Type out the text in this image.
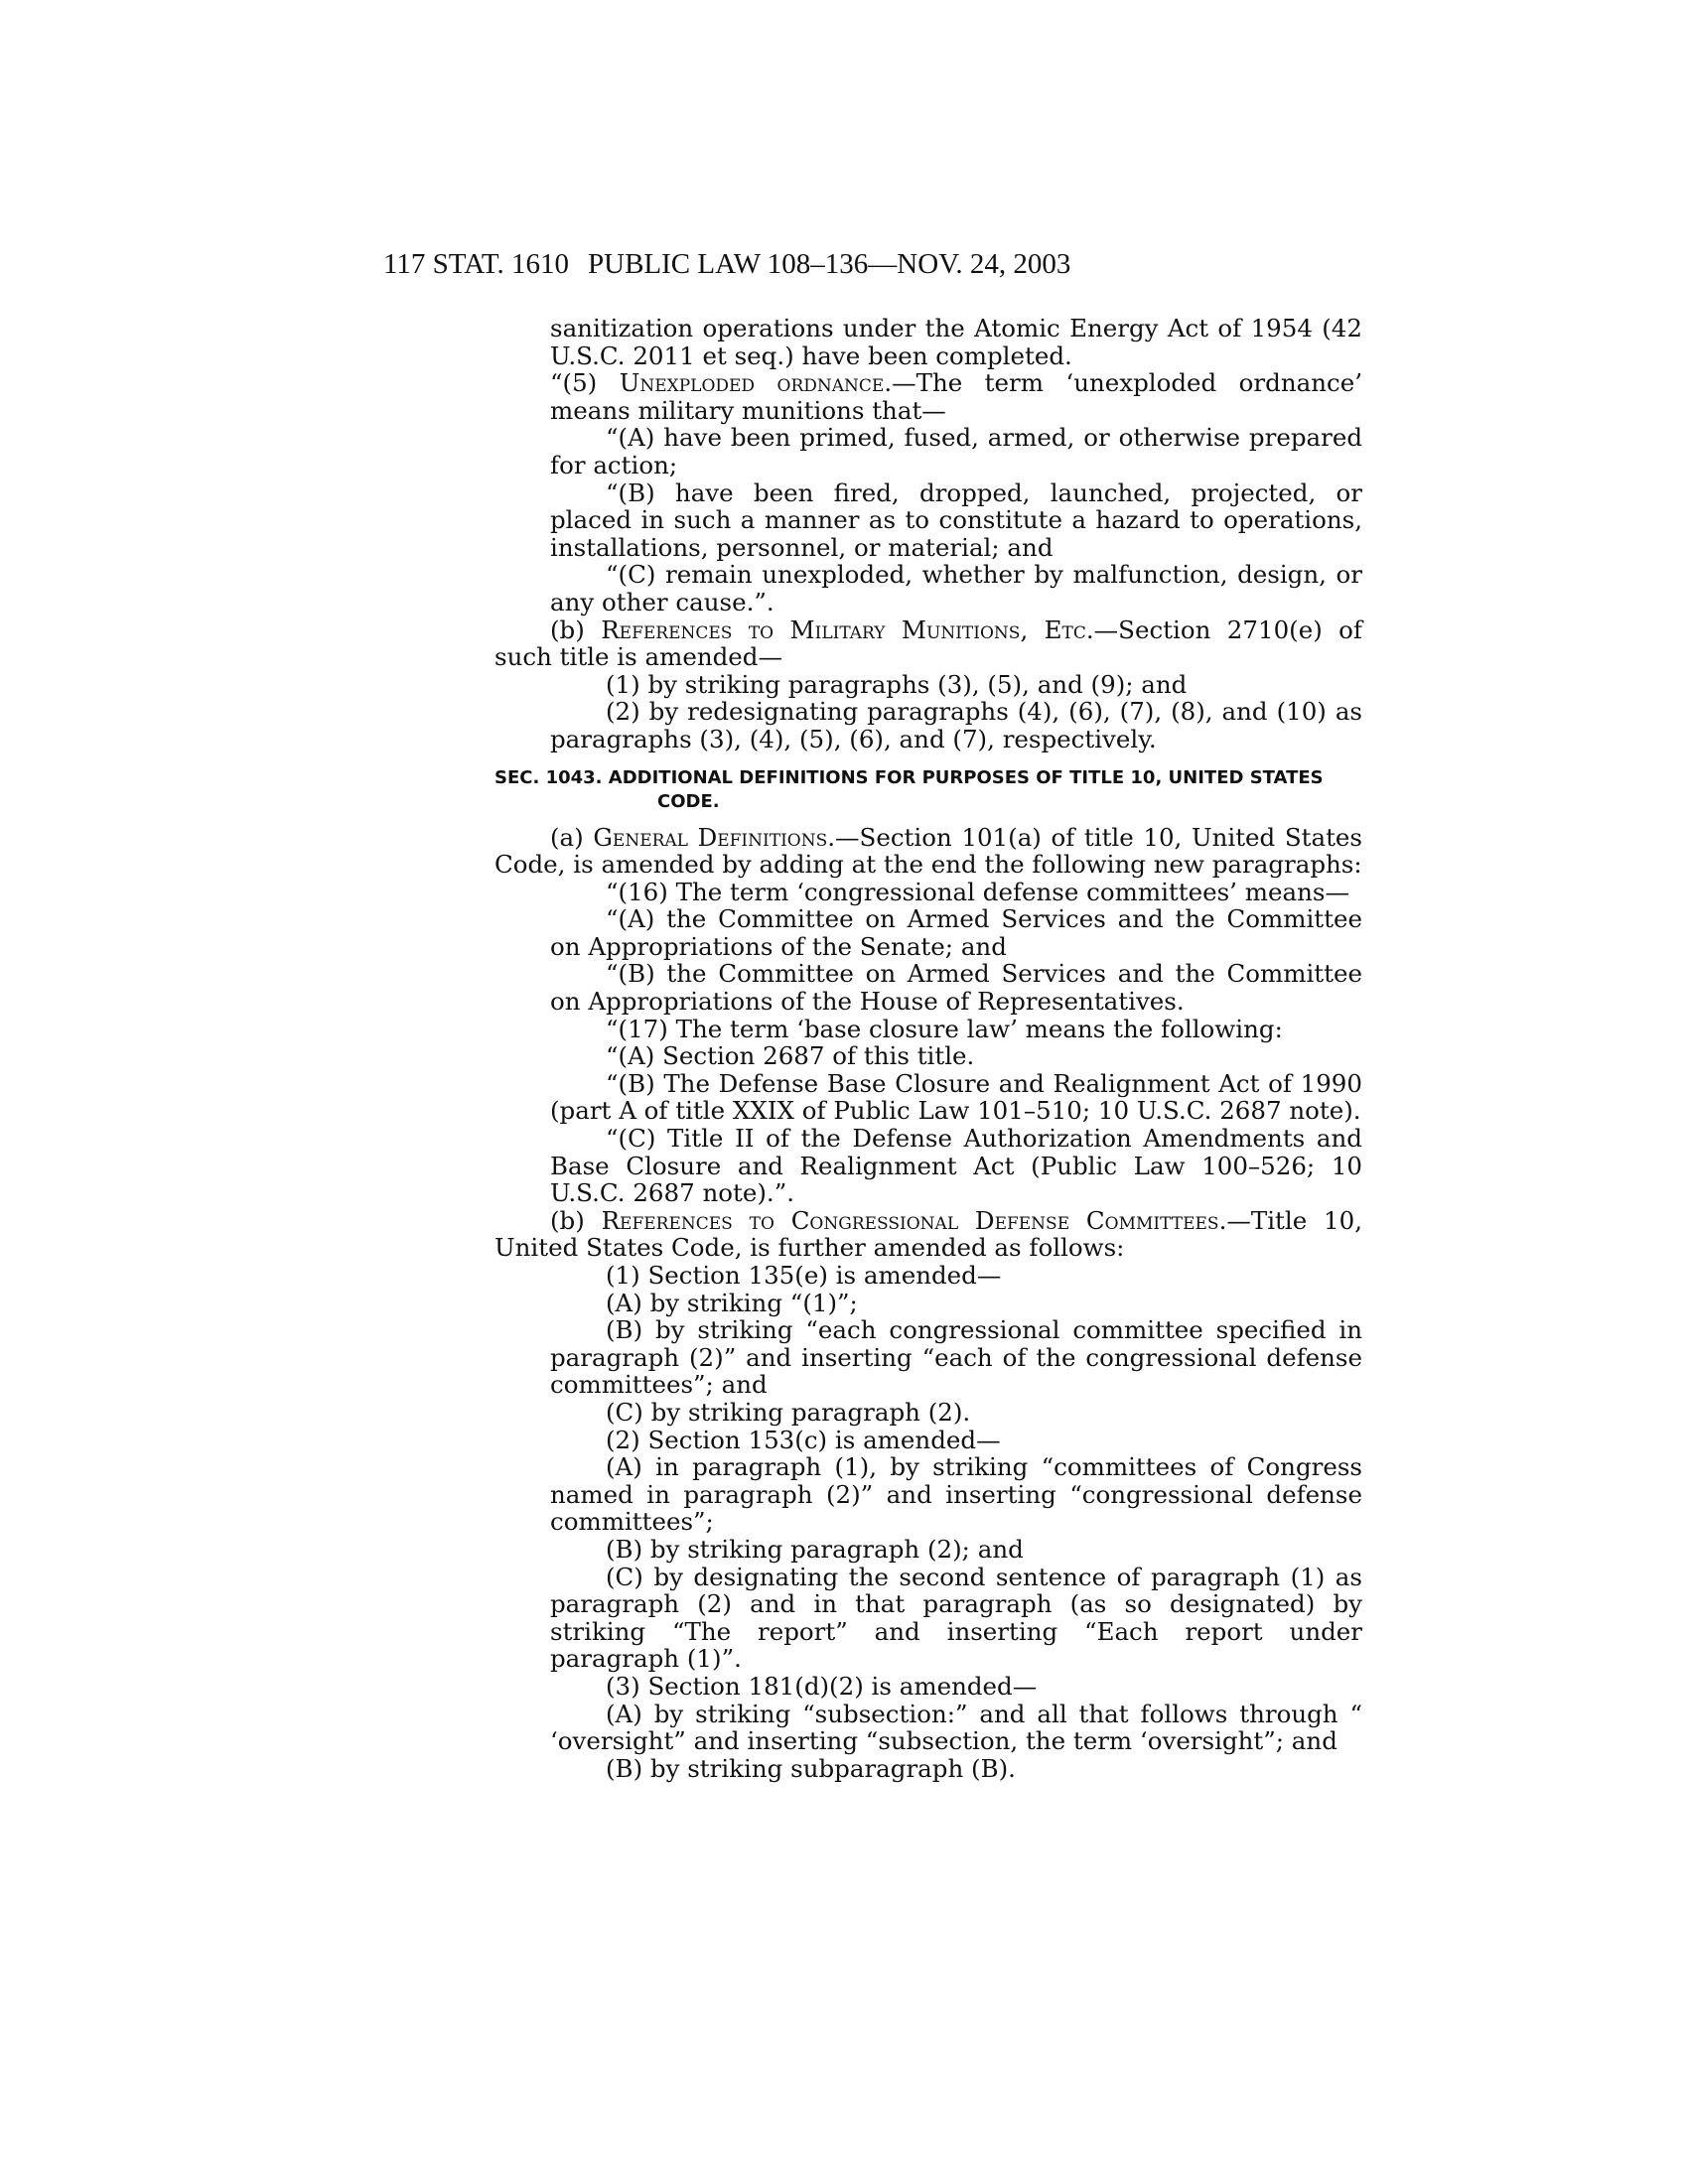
117 STAT. 1610 PUBLIC LAW 108–136—NOV. 24, 2003

sanitization operations under the Atomic Energy Act of 1954 (42 U.S.C. 2011 et seq.) have been completed.

“(5) Unexploded ordnance.—The term ‘unexploded ordnance’ means military munitions that—

“(A) have been primed, fused, armed, or otherwise prepared for action;

“(B) have been fired, dropped, launched, projected, or placed in such a manner as to constitute a hazard to operations, installations, personnel, or material; and

“(C) remain unexploded, whether by malfunction, design, or any other cause.”.

(b) References to Military Munitions, Etc.—Section 2710(e) of such title is amended—

(1) by striking paragraphs (3), (5), and (9); and

(2) by redesignating paragraphs (4), (6), (7), (8), and (10) as paragraphs (3), (4), (5), (6), and (7), respectively.

SEC. 1043. ADDITIONAL DEFINITIONS FOR PURPOSES OF TITLE 10, UNITED STATES CODE.

(a) General Definitions.—Section 101(a) of title 10, United States Code, is amended by adding at the end the following new paragraphs:

“(16) The term ‘congressional defense committees’ means—

“(A) the Committee on Armed Services and the Committee on Appropriations of the Senate; and

“(B) the Committee on Armed Services and the Committee on Appropriations of the House of Representatives.

“(17) The term ‘base closure law’ means the following:

“(A) Section 2687 of this title.

“(B) The Defense Base Closure and Realignment Act of 1990 (part A of title XXIX of Public Law 101–510; 10 U.S.C. 2687 note).

“(C) Title II of the Defense Authorization Amendments and Base Closure and Realignment Act (Public Law 100–526; 10 U.S.C. 2687 note).”.

(b) References to Congressional Defense Committees.—Title 10, United States Code, is further amended as follows:

(1) Section 135(e) is amended—

(A) by striking “(1)”;

(B) by striking “each congressional committee specified in paragraph (2)” and inserting “each of the congressional defense committees”; and

(C) by striking paragraph (2).

(2) Section 153(c) is amended—

(A) in paragraph (1), by striking “committees of Congress named in paragraph (2)” and inserting “congressional defense committees”;

(B) by striking paragraph (2); and

(C) by designating the second sentence of paragraph (1) as paragraph (2) and in that paragraph (as so designated) by striking “The report” and inserting “Each report under paragraph (1)”.

(3) Section 181(d)(2) is amended—

(A) by striking “subsection:” and all that follows through “ ‘oversight” and inserting “subsection, the term ‘oversight”; and

(B) by striking subparagraph (B).
